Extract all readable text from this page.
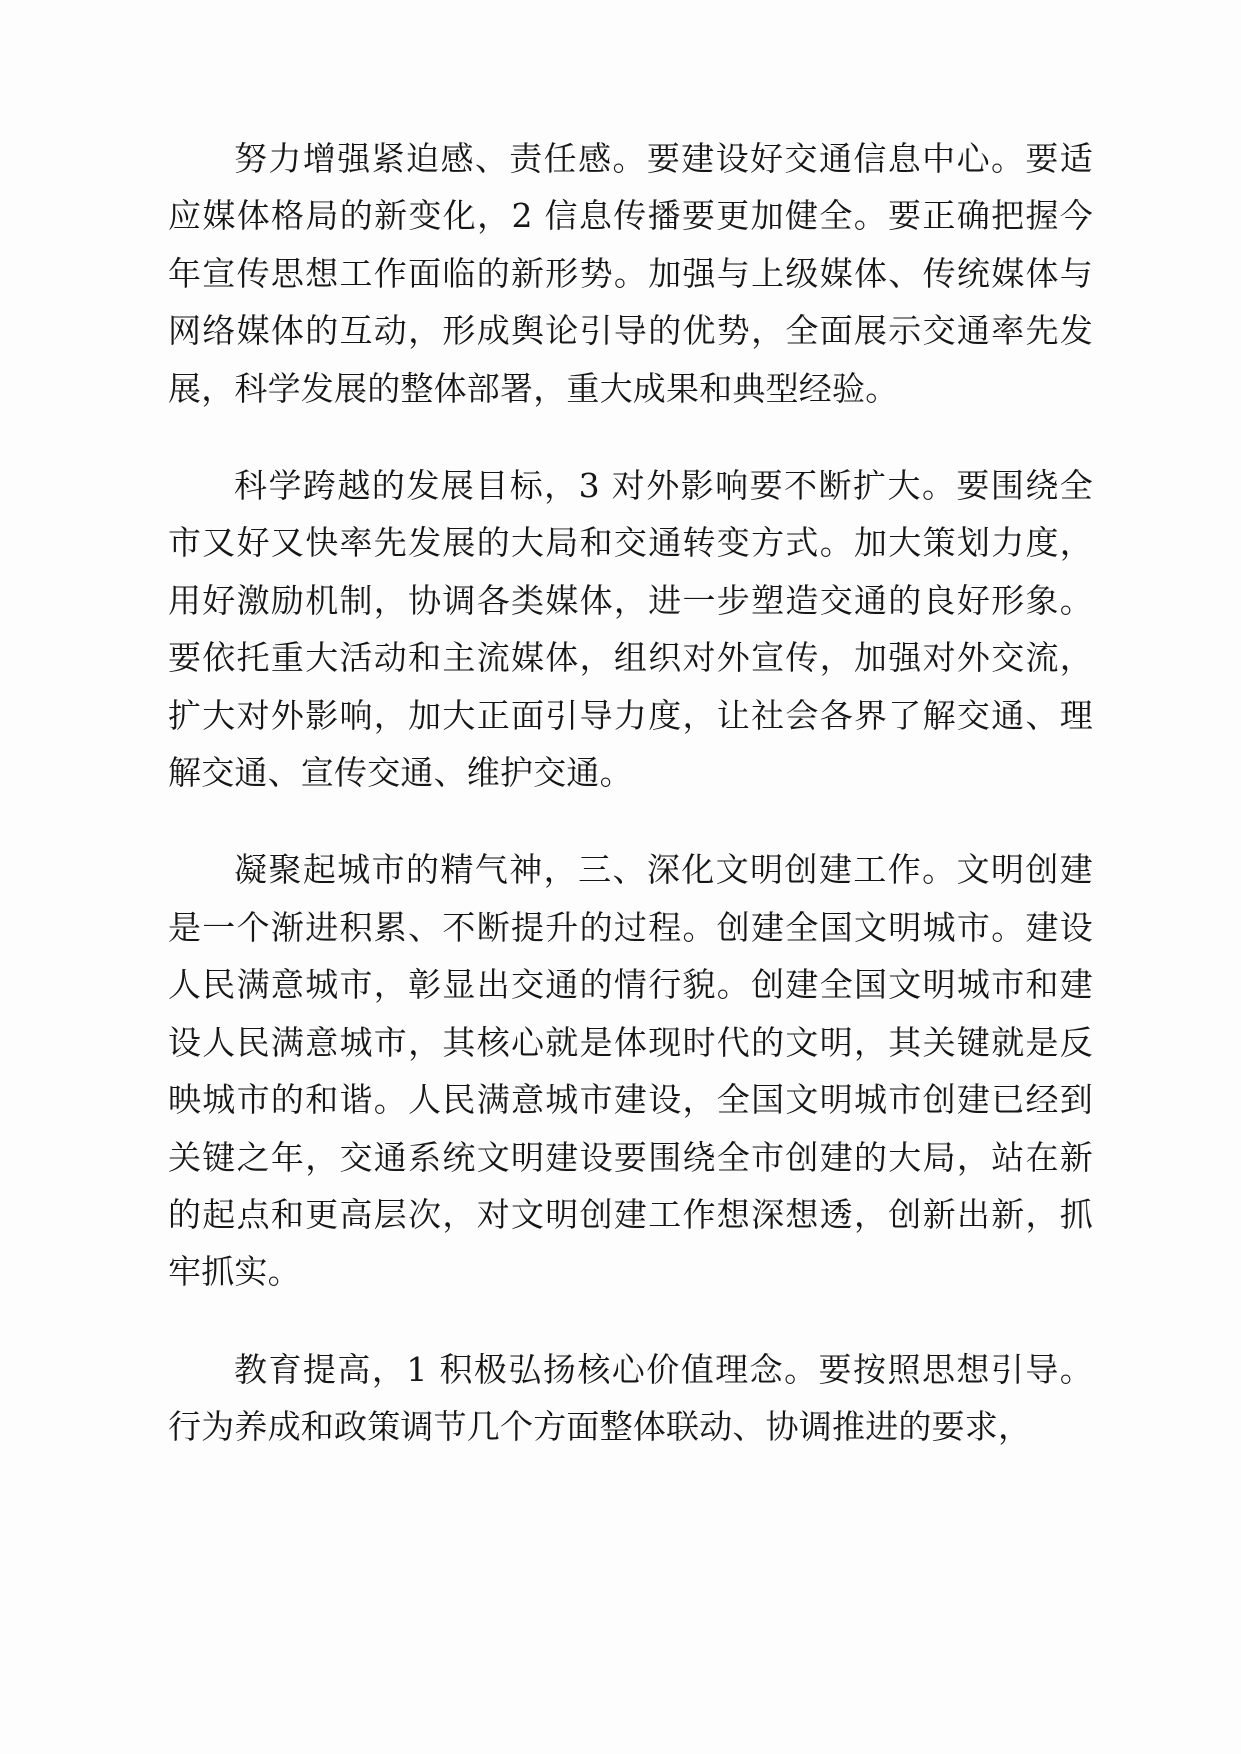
努力增强紧迫感、责任感。要建设好交通信息中心。要适应媒体格局的新变化，2 信息传播要更加健全。要正确把握今年宣传思想工作面临的新形势。加强与上级媒体、传统媒体与网络媒体的互动，形成舆论引导的优势，全面展示交通率先发展，科学发展的整体部署，重大成果和典型经验。

科学跨越的发展目标，3 对外影响要不断扩大。要围绕全市又好又快率先发展的大局和交通转变方式。加大策划力度，用好激励机制，协调各类媒体，进一步塑造交通的良好形象。要依托重大活动和主流媒体，组织对外宣传，加强对外交流，扩大对外影响，加大正面引导力度，让社会各界了解交通、理解交通、宣传交通、维护交通。

凝聚起城市的精气神，三、深化文明创建工作。文明创建是一个渐进积累、不断提升的过程。创建全国文明城市。建设人民满意城市，彰显出交通的情行貌。创建全国文明城市和建设人民满意城市，其核心就是体现时代的文明，其关键就是反映城市的和谐。人民满意城市建设，全国文明城市创建已经到关键之年，交通系统文明建设要围绕全市创建的大局，站在新的起点和更高层次，对文明创建工作想深想透，创新出新，抓牢抓实。

教育提高，1 积极弘扬核心价值理念。要按照思想引导。行为养成和政策调节几个方面整体联动、协调推进的要求，
